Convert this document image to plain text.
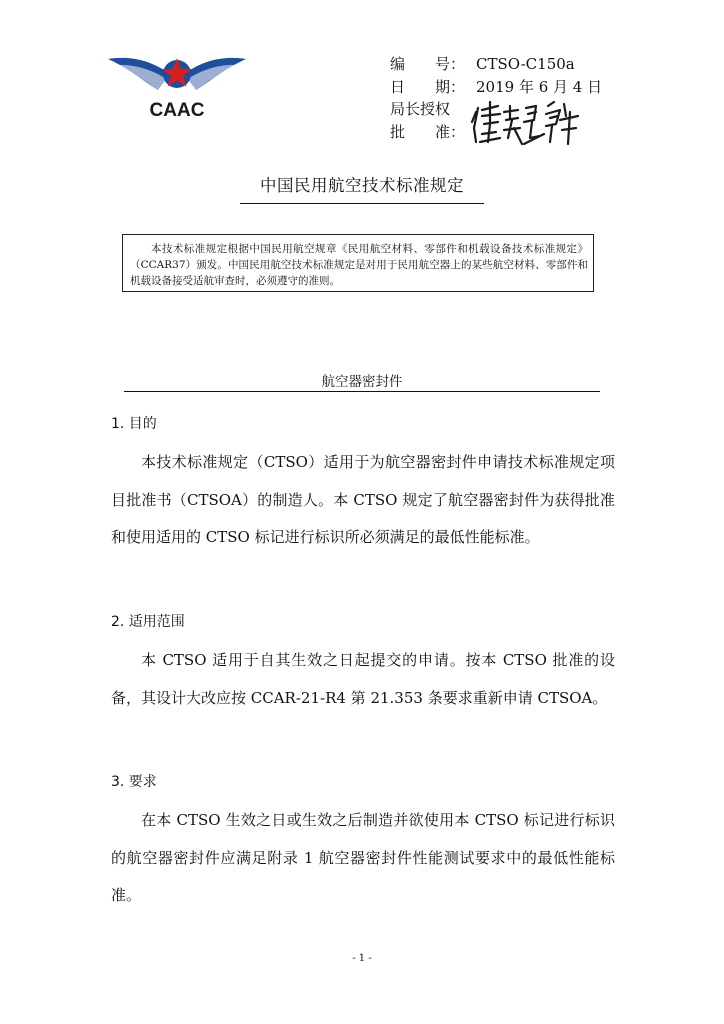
CAAC
编　　号： CTSO-C150a
日　　期： 2019 年 6 月 4 日
局长授权
批　　准：
中国民用航空技术标准规定
本技术标准规定根据中国民用航空规章《民用航空材料、零部件和机载设备技术标准规定》（CCAR37）颁发。中国民用航空技术标准规定是对用于民用航空器上的某些航空材料、零部件和机载设备接受适航审查时，必须遵守的准则。
航空器密封件
1. 目的
本技术标准规定（CTSO）适用于为航空器密封件申请技术标准规定项目批准书（CTSOA）的制造人。本 CTSO 规定了航空器密封件为获得批准和使用适用的 CTSO 标记进行标识所必须满足的最低性能标准。
2. 适用范围
本 CTSO 适用于自其生效之日起提交的申请。按本 CTSO 批准的设备，其设计大改应按 CCAR-21-R4 第 21.353 条要求重新申请 CTSOA。
3. 要求
在本 CTSO 生效之日或生效之后制造并欲使用本 CTSO 标记进行标识的航空器密封件应满足附录 1 航空器密封件性能测试要求中的最低性能标准。
- 1 -
